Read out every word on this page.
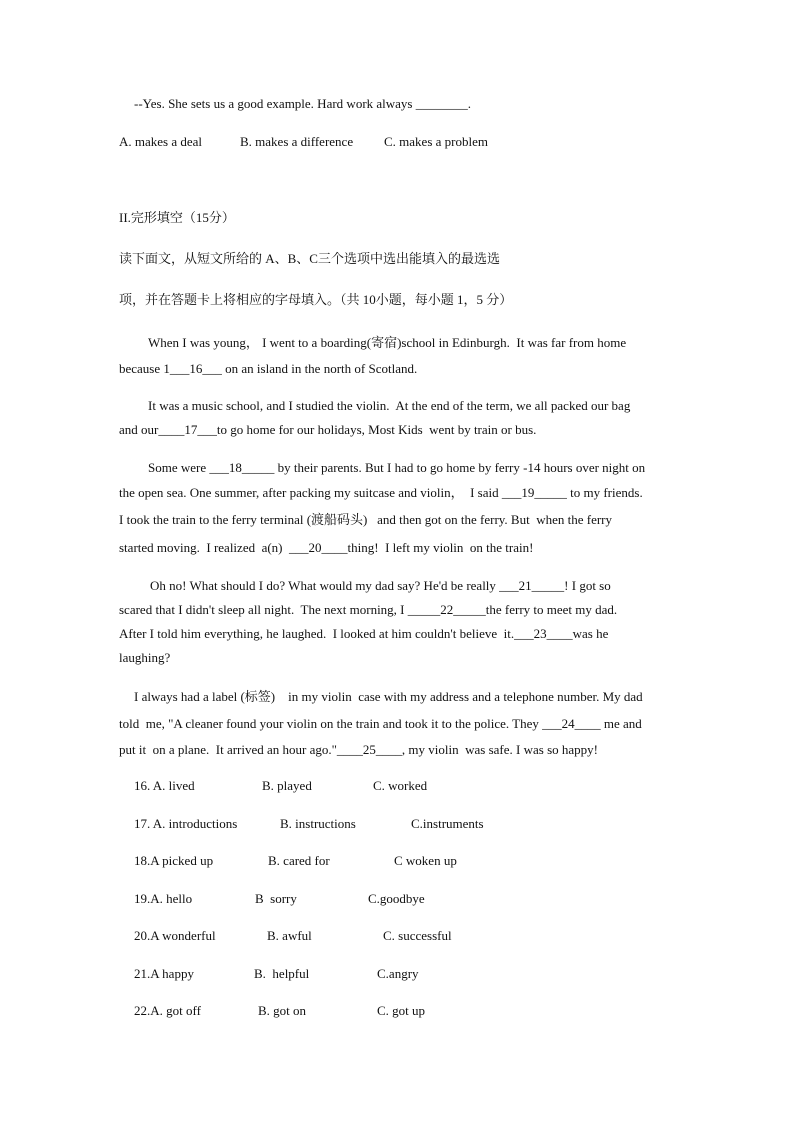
--Yes. She sets us a good example. Hard work always ________.
A. makes a deal	B. makes a difference C. makes a problem
II.完形填空（15分）
读下面文，从短文所给的 A、B、C三个选项中选出能填入的最选选
项，并在答题卡上将相应的字母填入。（共 10小题，每小题 1，5 分）
When I was young， I went to a boarding(寄宿)school in Edinburgh.  It was far from home
because 1___16___ on an island in the north of Scotland.
It was a music school, and I studied the violin.  At the end of the term, we all packed our bag
and our____17___to go home for our holidays, Most Kids  went by train or bus.
Some were ___18_____ by their parents. But I had to go home by ferry -14 hours over night on
the open sea. One summer, after packing my suitcase and violin，  I said ___19_____ to my friends.
I took the train to the ferry terminal (渡船码头)   and then got on the ferry. But  when the ferry
started moving.  I realized  a(n)  ___20____thing!  I left my violin  on the train!
Oh no! What should I do? What would my dad say? He'd be really ___21_____! I got so
scared that I didn't sleep all night.  The next morning, I _____22_____the ferry to meet my dad.
After I told him everything, he laughed.  I looked at him couldn't believe  it.___23____was he
laughing?
I always had a label (标签)    in my violin  case with my address and a telephone number. My dad
told  me, "A cleaner found your violin on the train and took it to the police. They ___24____ me and
put it  on a plane.  It arrived an hour ago."____25____, my violin  was safe. I was so happy!
16. A. lived	B. played	C. worked
17. A. introductions	B. instructions	C.instruments
18.A picked up	B. cared for	C woken up
19.A. hello	B  sorry	C.goodbye
20.A wonderful	B. awful	C. successful
21.A happy	B.  helpful	C.angry
22.A. got off	B. got on	C. got up
